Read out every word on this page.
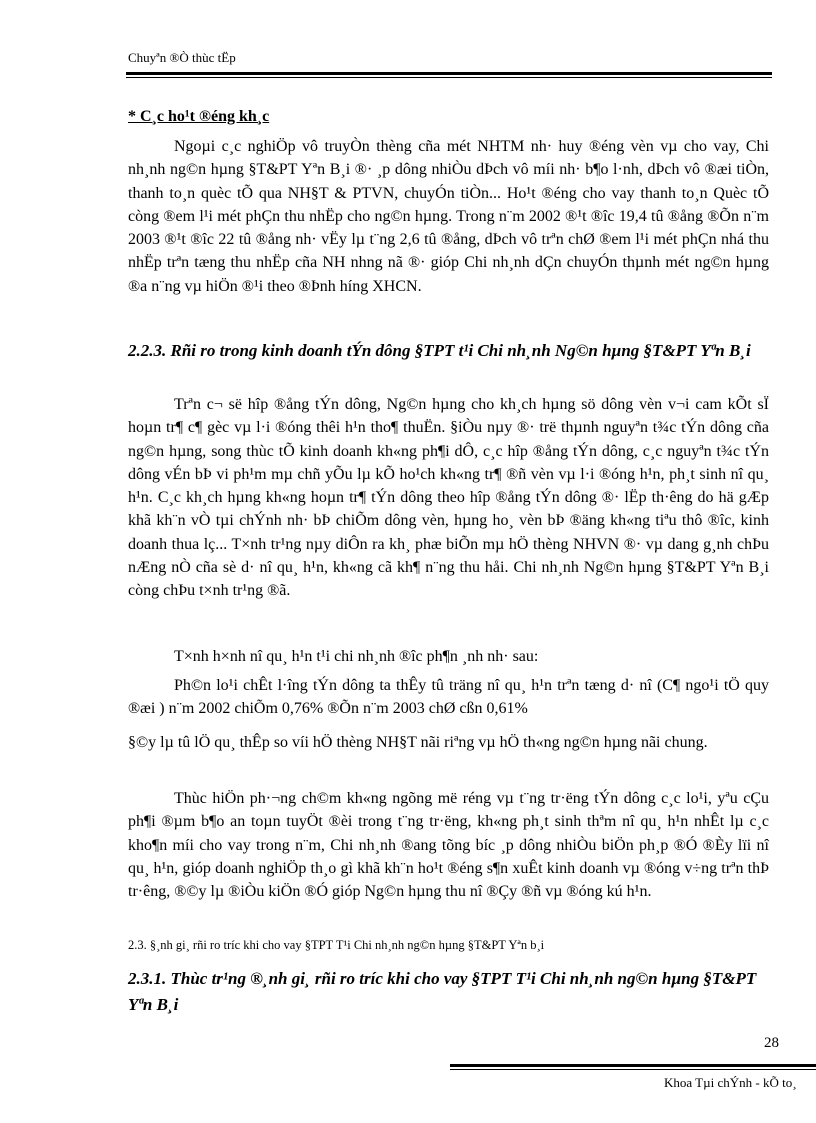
Chuyªn ®Ò thùc tËp
* C¸c ho¹t ®éng kh¸c

Ngoµi c¸c nghiÖp vô truyÒn thèng cña mét NHTM nh· huy ®éng vèn vµ cho vay, Chi nh¸nh ng©n hµng §T&PT Yªn B¸i ®· ¸p dông nhiÒu dÞch vô míi nh· b¶o l·nh, dÞch vô ®æi tiÒn, thanh to¸n quèc tÕ qua NH§T & PTVN, chuyÓn tiÒn... Ho¹t ®éng cho vay thanh to¸n Quèc tÕ còng ®em l¹i mét phÇn thu nhËp cho ng©n hµng. Trong n¨m 2002 ®¹t ®îc 19,4 tû ®ång ®Õn n¨m 2003 ®¹t ®îc 22 tû ®ång nh· vËy lµ t¨ng 2,6 tû ®ång, dÞch vô trªn chØ ®em l¹i mét phÇn nhá thu nhËp trªn tæng thu nhËp cña NH nhng nã ®· gióp Chi nh¸nh dÇn chuyÓn thµnh mét ng©n hµng ®a n¨ng vµ hiÖn ®¹i theo ®Þnh híng XHCN.

2.2.3. Rñi ro trong kinh doanh tÝn dông §TPT t¹i Chi nh¸nh Ng©n hµng §T&PT Yªn B¸i

Trªn c¬ së hîp ®ång tÝn dông, Ng©n hµng cho kh¸ch hµng sö dông vèn v¬i cam kÕt sÏ hoµn tr¶ c¶ gèc vµ l·i ®óng thêi h¹n tho¶ thuËn. §iÒu nµy ®· trë thµnh nguyªn t¾c tÝn dông cña ng©n hµng, song thùc tÕ kinh doanh kh«ng ph¶i dÔ, c¸c hîp ®ång tÝn dông, c¸c nguyªn t¾c tÝn dông vÉn bÞ vi ph¹m mµ chñ yÕu lµ kÕ ho¹ch kh«ng tr¶ ®ñ vèn vµ l·i ®óng h¹n, ph¸t sinh nî qu¸ h¹n. C¸c kh¸ch hµng kh«ng hoµn tr¶ tÝn dông theo hîp ®ång tÝn dông ®· lËp th·êng do hä gÆp khã kh¨n vÒ tµi chÝnh nh· bÞ chiÕm dông vèn, hµng ho¸ vèn bÞ ®äng kh«ng tiªu thô ®îc, kinh doanh thua lç... T×nh tr¹ng nµy diÔn ra kh¸ phæ biÕn mµ hÖ thèng NHVN ®· vµ dang g¸nh chÞu nÆng nÒ cña sè d· nî qu¸ h¹n, kh«ng cã kh¶ n¨ng thu håi. Chi nh¸nh Ng©n hµng §T&PT Yªn B¸i còng chÞu t×nh tr¹ng ®ã.

T×nh h×nh nî qu¸ h¹n t¹i chi nh¸nh ®îc ph¶n ¸nh nh· sau:

Ph©n lo¹i chÊt l·îng tÝn dông ta thÊy tû träng nî qu¸ h¹n trªn tæng d· nî (C¶ ngo¹i tÖ quy ®æi ) n¨m 2002 chiÕm 0,76% ®Õn n¨m 2003 chØ cßn 0,61%

§©y lµ tû lÖ qu¸ thÊp so víi hÖ thèng NH§T nãi riªng vµ hÖ th«ng ng©n hµng nãi chung.

Thùc hiÖn ph·¬ng ch©m kh«ng ngõng më réng vµ t¨ng tr·ëng tÝn dông c¸c lo¹i, yªu cÇu ph¶i ®µm b¶o an toµn tuyÖt ®èi trong t¨ng tr·ëng, kh«ng ph¸t sinh thªm nî qu¸ h¹n nhÊt lµ c¸c kho¶n míi cho vay trong n¨m, Chi nh¸nh ®ang tõng bíc ¸p dông nhiÒu biÖn ph¸p ®Ó ®Èy lïi nî qu¸ h¹n, gióp doanh nghiÖp th¸o gì khã kh¨n ho¹t ®éng s¶n xuÊt kinh doanh vµ ®óng v÷ng trªn thÞ tr·êng, ®©y lµ ®iÒu kiÖn ®Ó gióp Ng©n hµng thu nî ®Çy ®ñ vµ ®óng kú h¹n.

2.3. §¸nh gi¸ rñi ro tríc khi cho vay §TPT T¹i Chi nh¸nh ng©n hµng §T&PT Yªn b¸i

2.3.1. Thùc tr¹ng ®¸nh gi¸ rñi ro tríc khi cho vay §TPT T¹i Chi nh¸nh ng©n hµng §T&PT Yªn B¸i

28
Khoa Tµi chÝnh - kÕ to¸
